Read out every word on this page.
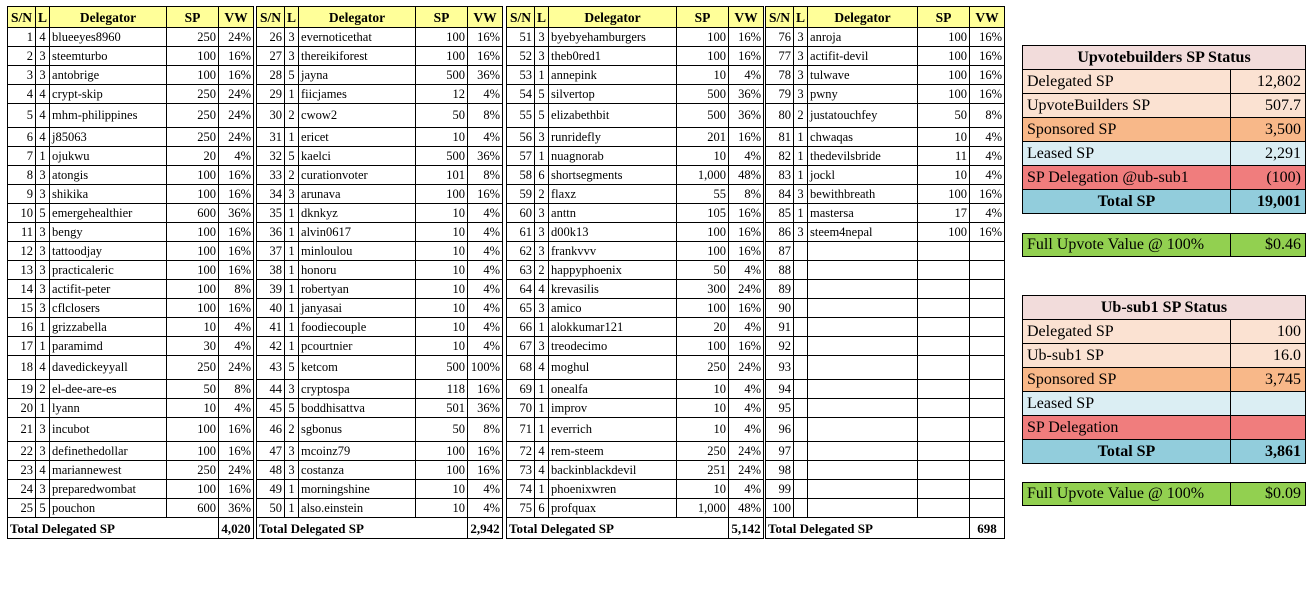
S/N	L	Delegator	SP	VW
1	4	blueeyes8960	250	24%
2	3	steemturbo	100	16%
3	3	antobrige	100	16%
4	4	crypt-skip	250	24%
5	4	mhm-philippines	250	24%
6	4	j85063	250	24%
7	1	ojukwu	20	4%
8	3	atongis	100	16%
9	3	shikika	100	16%
10	5	emergehealthier	600	36%
11	3	bengy	100	16%
12	3	tattoodjay	100	16%
13	3	practicaleric	100	16%
14	3	actifit-peter	100	8%
15	3	cflclosers	100	16%
16	1	grizzabella	10	4%
17	1	paramimd	30	4%
18	4	davedickeyyall	250	24%
19	2	el-dee-are-es	50	8%
20	1	lyann	10	4%
21	3	incubot	100	16%
22	3	definethedollar	100	16%
23	4	mariannewest	250	24%
24	3	preparedwombat	100	16%
25	5	pouchon	600	36%
Total Delegated SP				4,020
S/N	L	Delegator	SP	VW
26	3	evernoticethat	100	16%
27	3	thereikiforest	100	16%
28	5	jayna	500	36%
29	1	fiicjames	12	4%
30	2	cwow2	50	8%
31	1	ericet	10	4%
32	5	kaelci	500	36%
33	2	curationvoter	101	8%
34	3	arunava	100	16%
35	1	dknkyz	10	4%
36	1	alvin0617	10	4%
37	1	minloulou	10	4%
38	1	honoru	10	4%
39	1	robertyan	10	4%
40	1	janyasai	10	4%
41	1	foodiecouple	10	4%
42	1	pcourtnier	10	4%
43	5	ketcom	500	100%
44	3	cryptospa	118	16%
45	5	boddhisattva	501	36%
46	2	sgbonus	50	8%
47	3	mcoinz79	100	16%
48	3	costanza	100	16%
49	1	morningshine	10	4%
50	1	also.einstein	10	4%
Total Delegated SP				2,942
S/N	L	Delegator	SP	VW
51	3	byebyehamburgers	100	16%
52	3	theb0red1	100	16%
53	1	annepink	10	4%
54	5	silvertop	500	36%
55	5	elizabethbit	500	36%
56	3	runridefly	201	16%
57	1	nuagnorab	10	4%
58	6	shortsegments	1,000	48%
59	2	flaxz	55	8%
60	3	anttn	105	16%
61	3	d00k13	100	16%
62	3	frankvvv	100	16%
63	2	happyphoenix	50	4%
64	4	krevasilis	300	24%
65	3	amico	100	16%
66	1	alokkumar121	20	4%
67	3	treodecimo	100	16%
68	4	moghul	250	24%
69	1	onealfa	10	4%
70	1	improv	10	4%
71	1	everrich	10	4%
72	4	rem-steem	250	24%
73	4	backinblackdevil	251	24%
74	1	phoenixwren	10	4%
75	6	profquax	1,000	48%
Total Delegated SP				5,142
S/N	L	Delegator	SP	VW
76	3	anroja	100	16%
77	3	actifit-devil	100	16%
78	3	tulwave	100	16%
79	3	pwny	100	16%
80	2	justatouchfey	50	8%
81	1	chwaqas	10	4%
82	1	thedevilsbride	11	4%
83	1	jockl	10	4%
84	3	bewithbreath	100	16%
85	1	mastersa	17	4%
86	3	steem4nepal	100	16%
87				
88				
89				
90				
91				
92				
93				
94				
95				
96				
97				
98				
99				
100				
Total Delegated SP				698
Upvotebuilders SP Status	
Delegated SP	12,802
UpvoteBuilders SP	507.7
Sponsored SP	3,500
Leased SP	2,291
SP Delegation @ub-sub1	(100)
Total SP	19,001
Full Upvote Value @ 100%	$0.46
Ub-sub1 SP Status	
Delegated SP	100
Ub-sub1 SP	16.0
Sponsored SP	3,745
Leased SP	
SP Delegation	
Total SP	3,861
Full Upvote Value @ 100%	$0.09
